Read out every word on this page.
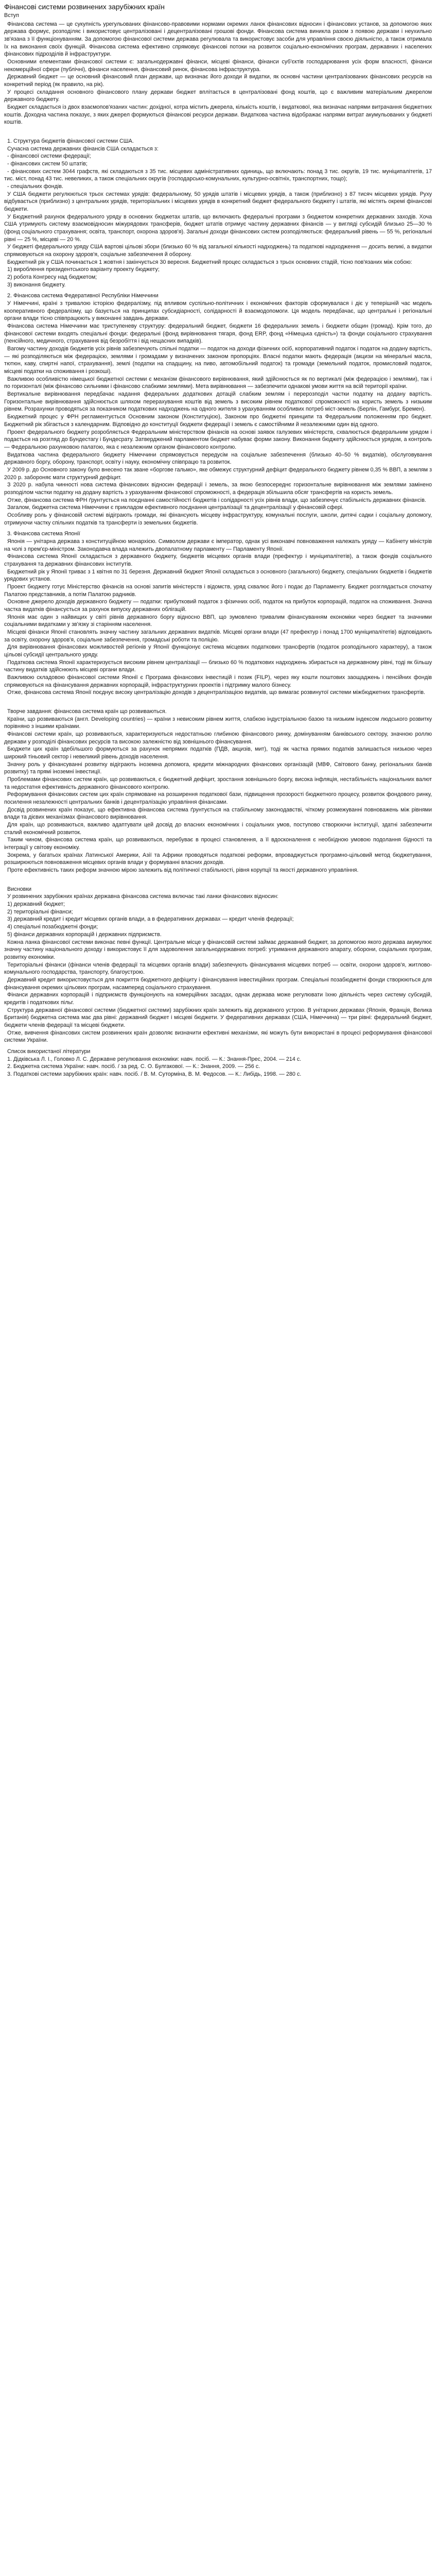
Фінансові системи розвинених зарубіжних країн

Вступ

Фінансова система — це сукупність урегульованих фінансово-правовими нормами окремих ланок фінансових відносин і фінансових установ, за допомогою яких держава формує, розподіляє і використовує централізовані і децентралізовані грошові фонди. Фінансова система виникла разом з появою держави і неухильно зв'язана з її функціонуванням. За допомогою фінансової системи держава регулювала та використовує засоби для управління своєю діяльністю, а також отримала їх на виконання своїх функцій. Фінансова система ефективно спрямовує фінансові потоки на розвиток соціально-економічних програм, державних і населених фінансових підрозділів й інфраструктури.

Основними елементами фінансової системи є: загальнодержавні фінанси, місцеві фінанси, фінанси суб'єктів господарювання усіх форм власності, фінанси некомерційної сфери (публічні), фінанси населення, фінансовий ринок, фінансова інфраструктура.

Державний бюджет — це основний фінансовий план держави, що визначає його доходи й видатки, як основні частини централізованих фінансових ресурсів на конкретний період (як правило, на рік).

У процесі складання основного фінансового плану держави бюджет вплітається в централізовані фонд коштів, що є важливим матеріальним джерелом державного бюджету.

Бюджет складається із двох взаємопов'язаних частин: дохідної, котра містить джерела, кількість коштів, і видаткової, яка визначає напрями витрачання бюджетних коштів. Доходна частина показує, з яких джерел формуються фінансові ресурси держави. Видаткова частина відображає напрями витрат акумульованих у бюджеті коштів.

1. Структура бюджетів фінансової системи США.

Сучасна система державних фінансів США складається з:

- фінансової системи федерації;

- фінансових систем 50 штатів;

- фінансових систем 3044 графств, які складаються з 35 тис. місцевих адміністративних одиниць, що включають: понад 3 тис. округів, 19 тис. муніципалітетів, 17 тис. міст, понад 43 тис. невеликих, а також спеціальних округів (господарсько-комунальних, культурно-освітніх, транспортних, тощо);

- спеціальних фондів.

У США бюджети регулюються трьох системах урядів: федеральному, 50 урядів штатів і місцевих урядів, а також (приблизно) з 87 тисяч місцевих урядів. Руху відбувається (приблизно) з центральних урядів, територіальних і місцевих урядів в конкретний бюджет федерального бюджету і штатів, які містять окремі фінансові бюджети.

У Бюджетний рахунок федерального уряду в основних бюджетах штатів, що включають федеральні програми з бюджетом конкретних державних заходів. Хоча США утримують систему взаємовідносин міжурядових трансферів, бюджет штатів отримує частину державних фінансів — у вигляді субсидій близько 25—30 % (фонд соціального страхування; освіта, транспорт, охорона здоров'я). Загальні доходи фінансових систем розподіляються: федеральний рівень — 55 %, регіональні рівні — 25 %, місцеві — 20 %.

У бюджеті федерального уряду США вартові цільові збори (близько 60 % від загальної кількості надходжень) та податкові надходження — досить великі, а видатки спрямовуються на охорону здоров'я, соціальне забезпечення й оборону.

Бюджетний рік у США починається 1 жовтня і закінчується 30 вересня. Бюджетний процес складається з трьох основних стадій, тісно пов'язаних між собою:

1) вироблення президентського варіанту проекту бюджету;

2) робота Конгресу над бюджетом;

3) виконання бюджету.

2. Фінансова система Федеративної Республіки Німеччини

У Німеччині, країні з тривалою історією федералізму, під впливом суспільно-політичних і економічних факторів сформувалася і діє у теперішній час модель кооперативного федералізму, що базується на принципах субсидіарності, солідарності й взаємодопомоги. Ця модель передбачає, що центральні і регіональні органи влади тісно співпрацюють у виконанні завдань держави.

Фінансова система Німеччини має триступеневу структуру: федеральний бюджет, бюджети 16 федеральних земель і бюджети общин (громад). Крім того, до фінансової системи входять спеціальні фонди: федеральні (фонд вирівнювання тягаря, фонд ERP, фонд «Німецька єдність») та фонди соціального страхування (пенсійного, медичного, страхування від безробіття і від нещасних випадків).

Вагому частину доходів бюджетів усіх рівнів забезпечують спільні податки — податок на доходи фізичних осіб, корпоративний податок і податок на додану вартість, — які розподіляються між федерацією, землями і громадами у визначених законом пропорціях. Власні податки мають федерація (акцизи на мінеральні масла, тютюн, каву, спиртні напої, страхування), землі (податки на спадщину, на пиво, автомобільний податок) та громади (земельний податок, промисловий податок, місцеві податки на споживання і розкоші).

Важливою особливістю німецької бюджетної системи є механізм фінансового вирівнювання, який здійснюється як по вертикалі (між федерацією і землями), так і по горизонталі (між фінансово сильними і фінансово слабкими землями). Мета вирівнювання — забезпечити однакові умови життя на всій території країни.

Вертикальне вирівнювання передбачає надання федеральних додаткових дотацій слабким землям і перерозподіл частки податку на додану вартість. Горизонтальне вирівнювання здійснюється шляхом перерахування коштів від земель з високим рівнем податкової спроможності на користь земель з низьким рівнем. Розрахунки проводяться за показником податкових надходжень на одного жителя з урахуванням особливих потреб міст-земель (Берлін, Гамбург, Бремен).

Бюджетний процес у ФРН регламентується Основним законом (Конституцією), Законом про бюджетні принципи та Федеральним положенням про бюджет. Бюджетний рік збігається з календарним. Відповідно до конституції бюджети федерації і земель є самостійними й незалежними один від одного.

Проект федерального бюджету розробляється Федеральним міністерством фінансів на основі заявок галузевих міністерств, схвалюється федеральним урядом і подається на розгляд до Бундестагу і Бундесрату. Затверджений парламентом бюджет набуває форми закону. Виконання бюджету здійснюється урядом, а контроль — Федеральною рахунковою палатою, яка є незалежним органом фінансового контролю.

Видаткова частина федерального бюджету Німеччини спрямовується передусім на соціальне забезпечення (близько 40–50 % видатків), обслуговування державного боргу, оборону, транспорт, освіту і науку, економічну співпрацю та розвиток.

У 2009 р. до Основного закону було внесено так зване «боргове гальмо», яке обмежує структурний дефіцит федерального бюджету рівнем 0,35 % ВВП, а землям з 2020 р. забороняє мати структурний дефіцит.

З 2020 р. набула чинності нова система фінансових відносин федерації і земель, за якою безпосереднє горизонтальне вирівнювання між землями замінено розподілом частки податку на додану вартість з урахуванням фінансової спроможності, а федерація збільшила обсяг трансфертів на користь земель.

Отже, фінансова система ФРН ґрунтується на поєднанні самостійності бюджетів і солідарності усіх рівнів влади, що забезпечує стабільність державних фінансів.

Загалом, бюджетна система Німеччини є прикладом ефективного поєднання централізації та децентралізації у фінансовій сфері.

Особливу роль у фінансовій системі відіграють громади, які фінансують місцеву інфраструктуру, комунальні послуги, школи, дитячі садки і соціальну допомогу, отримуючи частку спільних податків та трансферти із земельних бюджетів.

3. Фінансова система Японії

Японія — унітарна держава з конституційною монархією. Символом держави є імператор, однак усі виконавчі повноваження належать уряду — Кабінету міністрів на чолі з прем'єр-міністром. Законодавча влада належить двопалатному парламенту — Парламенту Японії.

Фінансова система Японії складається з державного бюджету, бюджетів місцевих органів влади (префектур і муніципалітетів), а також фондів соціального страхування та державних фінансових інститутів.

Бюджетний рік у Японії триває з 1 квітня по 31 березня. Державний бюджет Японії складається з основного (загального) бюджету, спеціальних бюджетів і бюджетів урядових установ.

Проект бюджету готує Міністерство фінансів на основі запитів міністерств і відомств, уряд схвалює його і подає до Парламенту. Бюджет розглядається спочатку Палатою представників, а потім Палатою радників.

Основне джерело доходів державного бюджету — податки: прибутковий податок з фізичних осіб, податок на прибуток корпорацій, податок на споживання. Значна частка видатків фінансується за рахунок випуску державних облігацій.

Японія має один з найвищих у світі рівнів державного боргу відносно ВВП, що зумовлено тривалим фінансуванням економіки через бюджет та значними соціальними видатками у зв'язку зі старінням населення.

Місцеві фінанси Японії становлять значну частину загальних державних видатків. Місцеві органи влади (47 префектур і понад 1700 муніципалітетів) відповідають за освіту, охорону здоров'я, соціальне забезпечення, громадські роботи та поліцію.

Для вирівнювання фінансових можливостей регіонів у Японії функціонує система місцевих податкових трансфертів (податок розподільного характеру), а також цільові субсидії центрального уряду.

Податкова система Японії характеризується високим рівнем централізації — близько 60 % податкових надходжень збирається на державному рівні, тоді як більшу частину видатків здійснюють місцеві органи влади.

Важливою складовою фінансової системи Японії є Програма фінансових інвестицій і позик (FILP), через яку кошти поштових заощаджень і пенсійних фондів спрямовуються на фінансування державних корпорацій, інфраструктурних проектів і підтримку малого бізнесу.

Отже, фінансова система Японії поєднує високу централізацію доходів з децентралізацією видатків, що вимагає розвинутої системи міжбюджетних трансфертів.

Творче завдання: фінансова система країн що розвиваються.

Країни, що розвиваються (англ. Developing countries) — країни з невисоким рівнем життя, слабкою індустріальною базою та низьким індексом людського розвитку порівняно з іншими країнами.

Фінансові системи країн, що розвиваються, характеризуються недостатньою глибиною фінансового ринку, домінуванням банківського сектору, значною роллю держави у розподілі фінансових ресурсів та високою залежністю від зовнішнього фінансування.

Бюджети цих країн здебільшого формуються за рахунок непрямих податків (ПДВ, акцизів, мит), тоді як частка прямих податків залишається низькою через широкий тіньовий сектор і невеликий рівень доходів населення.

Значну роль у фінансуванні розвитку відіграють іноземна допомога, кредити міжнародних фінансових організацій (МВФ, Світового банку, регіональних банків розвитку) та прямі іноземні інвестиції.

Проблемами фінансових систем країн, що розвиваються, є бюджетний дефіцит, зростання зовнішнього боргу, висока інфляція, нестабільність національних валют та недостатня ефективність державного фінансового контролю.

Реформування фінансових систем цих країн спрямоване на розширення податкової бази, підвищення прозорості бюджетного процесу, розвиток фондового ринку, посилення незалежності центральних банків і децентралізацію управління фінансами.

Досвід розвинених країн показує, що ефективна фінансова система ґрунтується на стабільному законодавстві, чіткому розмежуванні повноважень між рівнями влади та дієвих механізмах фінансового вирівнювання.

Для країн, що розвиваються, важливо адаптувати цей досвід до власних економічних і соціальних умов, поступово створюючи інституції, здатні забезпечити сталий економічний розвиток.

Таким чином, фінансова система країн, що розвиваються, перебуває в процесі становлення, а її вдосконалення є необхідною умовою подолання бідності та інтеграції у світову економіку.

Зокрема, у багатьох країнах Латинської Америки, Азії та Африки проводяться податкові реформи, впроваджується програмно-цільовий метод бюджетування, розширюються повноваження місцевих органів влади у формуванні власних доходів.

Проте ефективність таких реформ значною мірою залежить від політичної стабільності, рівня корупції та якості державного управління.

Висновки

У розвинених зарубіжних країнах державна фінансова система включає такі ланки фінансових відносин:

1) державний бюджет;

2) територіальні фінанси;

3) державний кредит і кредит місцевих органів влади, а в федеративних державах — кредит членів федерації;

4) спеціальні позабюджетні фонди;

5) фінанси державних корпорацій і державних підприємств.

Кожна ланка фінансової системи виконає певні функції. Центральне місце у фінансовій системі займає державний бюджет, за допомогою якого держава акумулює значну частину національного доходу і використовує її для задоволення загальнодержавних потреб: утримання державного апарату, оборони, соціальних програм, розвитку економіки.

Територіальні фінанси (фінанси членів федерації та місцевих органів влади) забезпечують фінансування місцевих потреб — освіти, охорони здоров'я, житлово-комунального господарства, транспорту, благоустрою.

Державний кредит використовується для покриття бюджетного дефіциту і фінансування інвестиційних програм. Спеціальні позабюджетні фонди створюються для фінансування окремих цільових програм, насамперед соціального страхування.

Фінанси державних корпорацій і підприємств функціонують на комерційних засадах, однак держава може регулювати їхню діяльність через систему субсидій, кредитів і податкових пільг.

Структура державної фінансової системи (бюджетної системи) зарубіжних країн залежить від державного устрою. В унітарних державах (Японія, Франція, Велика Британія) бюджетна система має два рівні: державний бюджет і місцеві бюджети. У федеративних державах (США, Німеччина) — три рівні: федеральний бюджет, бюджети членів федерації та місцеві бюджети.

Отже, вивчення фінансових систем розвинених країн дозволяє визначити ефективні механізми, які можуть бути використані в процесі реформування фінансової системи України.

Список використаної літератури

1. Дідківська Л. І., Головко Л. С. Державне регулювання економіки: навч. посіб. — К.: Знання-Прес, 2004. — 214 с.

2. Бюджетна система України: навч. посіб. / за ред. С. О. Булгакової. — К.: Знання, 2009. — 256 с.

3. Податкові системи зарубіжних країн: навч. посіб. / В. М. Суторміна, В. М. Федосов. — К.: Либідь, 1998. — 280 с.
